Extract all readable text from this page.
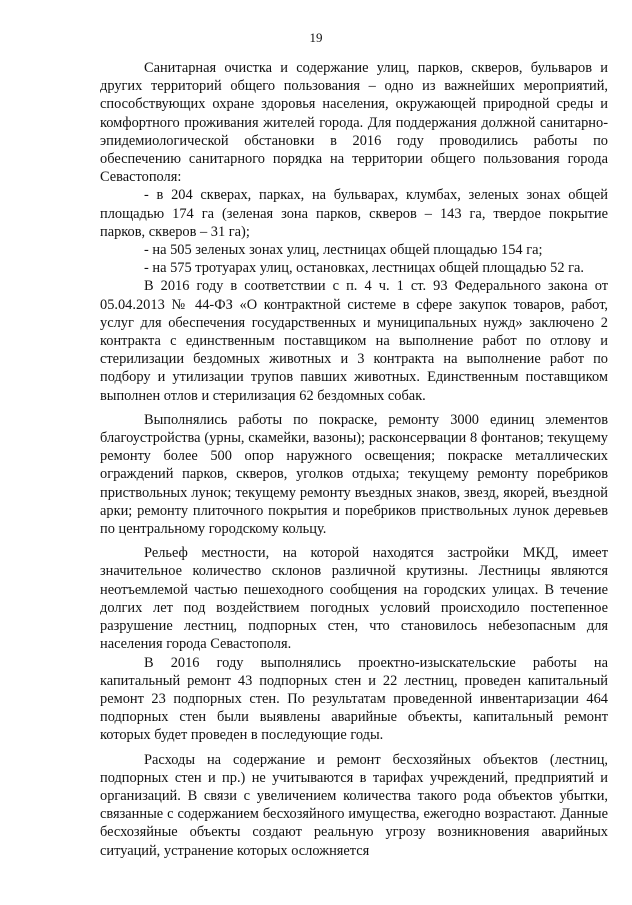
19

Санитарная очистка и содержание улиц, парков, скверов, бульваров и других территорий общего пользования – одно из важнейших мероприятий, способствующих охране здоровья населения, окружающей природной среды и комфортного проживания жителей города. Для поддержания должной санитарно-эпидемиологической обстановки в 2016 году проводились работы по обеспечению санитарного порядка на территории общего пользования города Севастополя:

- в 204 скверах, парках, на бульварах, клумбах, зеленых зонах общей площадью 174 га (зеленая зона парков, скверов – 143 га, твердое покрытие парков, скверов – 31 га);

- на 505 зеленых зонах улиц, лестницах общей площадью 154 га;

- на 575 тротуарах улиц, остановках, лестницах общей площадью 52 га.

В 2016 году в соответствии с п. 4 ч. 1 ст. 93 Федерального закона от 05.04.2013 № 44-ФЗ «О контрактной системе в сфере закупок товаров, работ, услуг для обеспечения государственных и муниципальных нужд» заключено 2 контракта с единственным поставщиком на выполнение работ по отлову и стерилизации бездомных животных и 3 контракта на выполнение работ по подбору и утилизации трупов павших животных. Единственным поставщиком выполнен отлов и стерилизация 62 бездомных собак.

Выполнялись работы по покраске, ремонту 3000 единиц элементов благоустройства (урны, скамейки, вазоны); расконсервации 8 фонтанов; текущему ремонту более 500 опор наружного освещения; покраске металлических ограждений парков, скверов, уголков отдыха; текущему ремонту поребриков приствольных лунок; текущему ремонту въездных знаков, звезд, якорей, въездной арки; ремонту плиточного покрытия и поребриков приствольных лунок деревьев по центральному городскому кольцу.

Рельеф местности, на которой находятся застройки МКД, имеет значительное количество склонов различной крутизны. Лестницы являются неотъемлемой частью пешеходного сообщения на городских улицах. В течение долгих лет под воздействием погодных условий происходило постепенное разрушение лестниц, подпорных стен, что становилось небезопасным для населения города Севастополя.

В 2016 году выполнялись проектно-изыскательские работы на капитальный ремонт 43 подпорных стен и 22 лестниц, проведен капитальный ремонт 23 подпорных стен. По результатам проведенной инвентаризации 464 подпорных стен были выявлены аварийные объекты, капитальный ремонт которых будет проведен в последующие годы.

Расходы на содержание и ремонт бесхозяйных объектов (лестниц, подпорных стен и пр.) не учитываются в тарифах учреждений, предприятий и организаций. В связи с увеличением количества такого рода объектов убытки, связанные с содержанием бесхозяйного имущества, ежегодно возрастают. Данные бесхозяйные объекты создают реальную угрозу возникновения аварийных ситуаций, устранение которых осложняется
